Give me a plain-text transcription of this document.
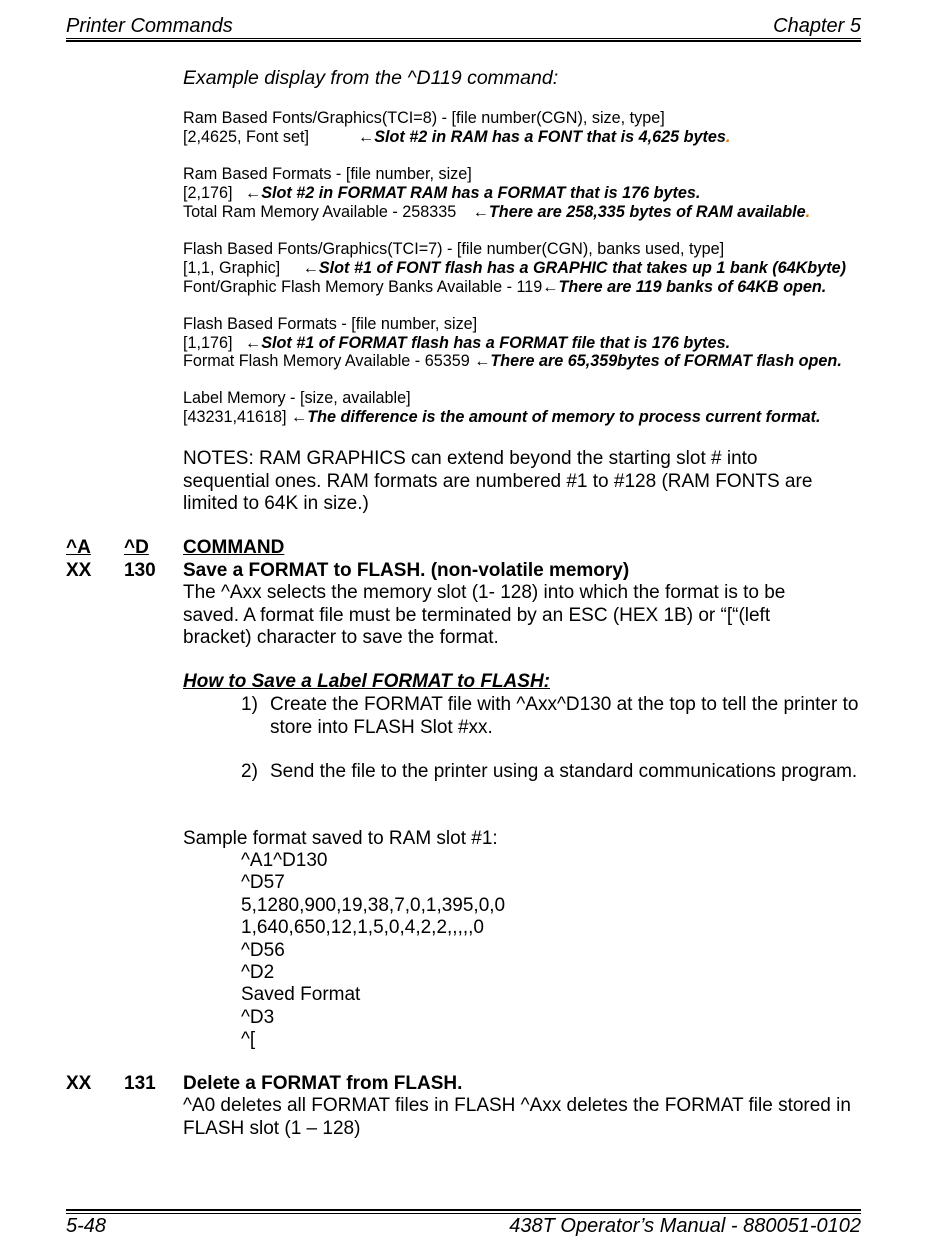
Printer Commands	Chapter 5
Example display from the ^D119 command:
Ram Based Fonts/Graphics(TCI=8) - [file number(CGN), size, type]
[2,4625, Font set]	←Slot #2 in RAM has a FONT that is 4,625 bytes.
Ram Based Formats - [file number, size]
[2,176] ←Slot #2 in FORMAT RAM has a FORMAT that is 176 bytes.
Total Ram Memory Available - 258335 ←There are 258,335 bytes of RAM available.
Flash Based Fonts/Graphics(TCI=7) - [file number(CGN), banks used, type]
[1,1, Graphic] ←Slot #1 of FONT flash has a GRAPHIC that takes up 1 bank (64Kbyte)
Font/Graphic Flash Memory Banks Available - 119←There are 119 banks of 64KB open.
Flash Based Formats - [file number, size]
[1,176] ←Slot #1 of FORMAT flash has a FORMAT file that is 176 bytes.
Format Flash Memory Available - 65359 ←There are 65,359bytes of FORMAT flash open.
Label Memory - [size, available]
[43231,41618] ←The difference is the amount of memory to process current format.
NOTES: RAM GRAPHICS can extend beyond the starting slot # into sequential ones. RAM formats are numbered #1 to #128 (RAM FONTS are limited to 64K in size.)
^A ^D COMMAND
XX 130 Save a FORMAT to FLASH. (non-volatile memory)
The ^Axx selects the memory slot (1- 128) into which the format is to be saved. A format file must be terminated by an ESC (HEX 1B) or “[“(left bracket) character to save the format.
How to Save a Label FORMAT to FLASH:
1) Create the FORMAT file with ^Axx^D130 at the top to tell the printer to store into FLASH Slot #xx.
2) Send the file to the printer using a standard communications program.
Sample format saved to RAM slot #1:
^A1^D130
^D57
5,1280,900,19,38,7,0,1,395,0,0
1,640,650,12,1,5,0,4,2,2,,,,,0
^D56
^D2
Saved Format
^D3
^[
XX 131 Delete a FORMAT from FLASH.
^A0 deletes all FORMAT files in FLASH ^Axx deletes the FORMAT file stored in FLASH slot (1 – 128)
5-48	438T Operator’s Manual - 880051-0102
